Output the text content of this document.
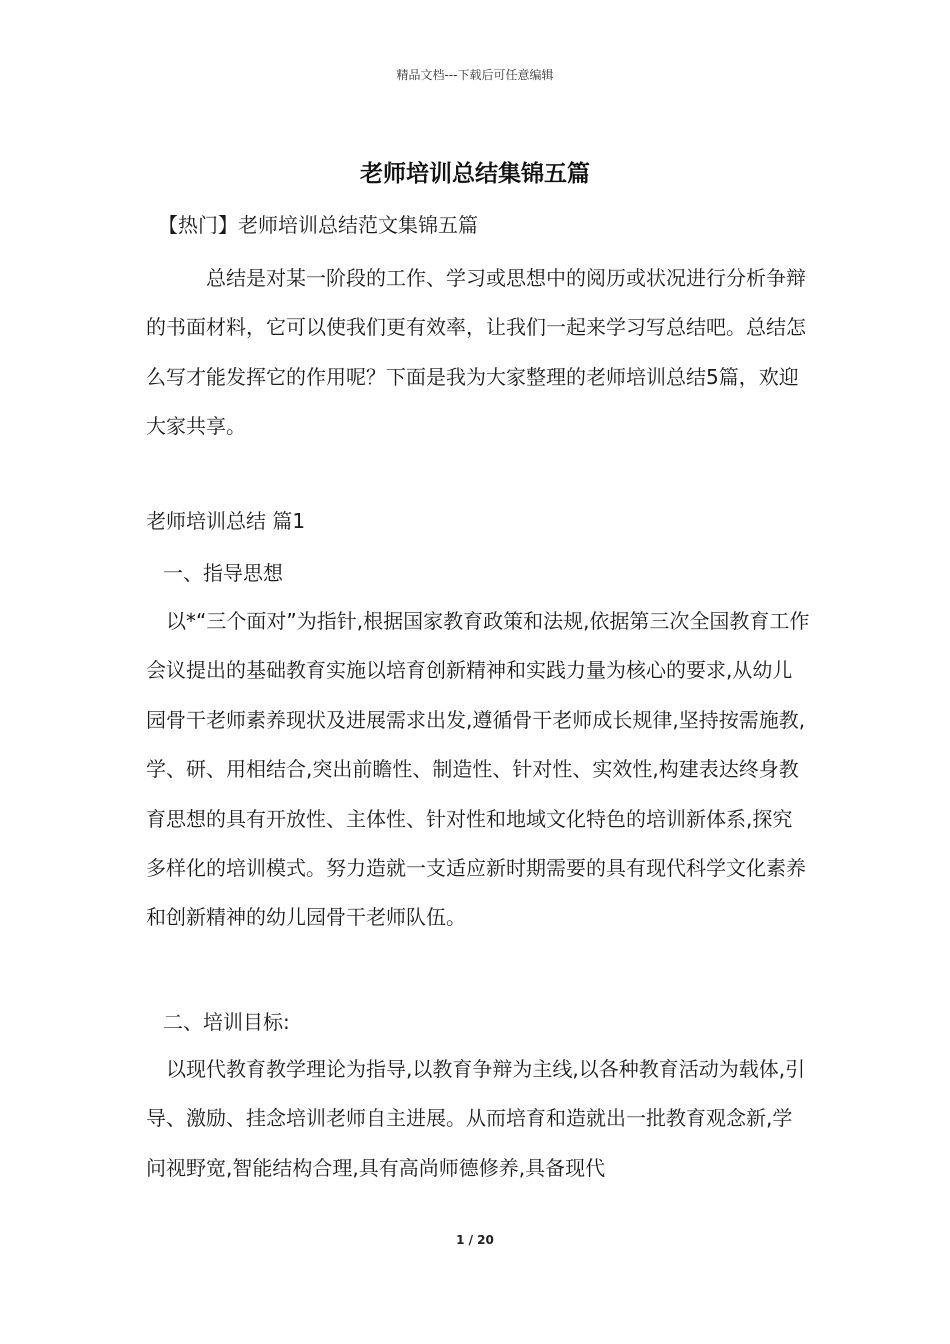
精品文档---下载后可任意编辑
老师培训总结集锦五篇
【热门】老师培训总结范文集锦五篇

总结是对某一阶段的工作、学习或思想中的阅历或状况进行分析争辩的书面材料，它可以使我们更有效率，让我们一起来学习写总结吧。总结怎么写才能发挥它的作用呢？下面是我为大家整理的老师培训总结5篇，欢迎大家共享。

老师培训总结 篇1
一、指导思想

以*“三个面对”为指针,根据国家教育政策和法规,依据第三次全国教育工作会议提出的基础教育实施以培育创新精神和实践力量为核心的要求,从幼儿园骨干老师素养现状及进展需求出发,遵循骨干老师成长规律,坚持按需施教,学、研、用相结合,突出前瞻性、制造性、针对性、实效性,构建表达终身教育思想的具有开放性、主体性、针对性和地域文化特色的培训新体系,探究多样化的培训模式。努力造就一支适应新时期需要的具有现代科学文化素养和创新精神的幼儿园骨干老师队伍。

二、培训目标:

以现代教育教学理论为指导,以教育争辩为主线,以各种教育活动为载体,引导、激励、挂念培训老师自主进展。从而培育和造就出一批教育观念新,学问视野宽,智能结构合理,具有高尚师德修养,具备现代

1 / 20
